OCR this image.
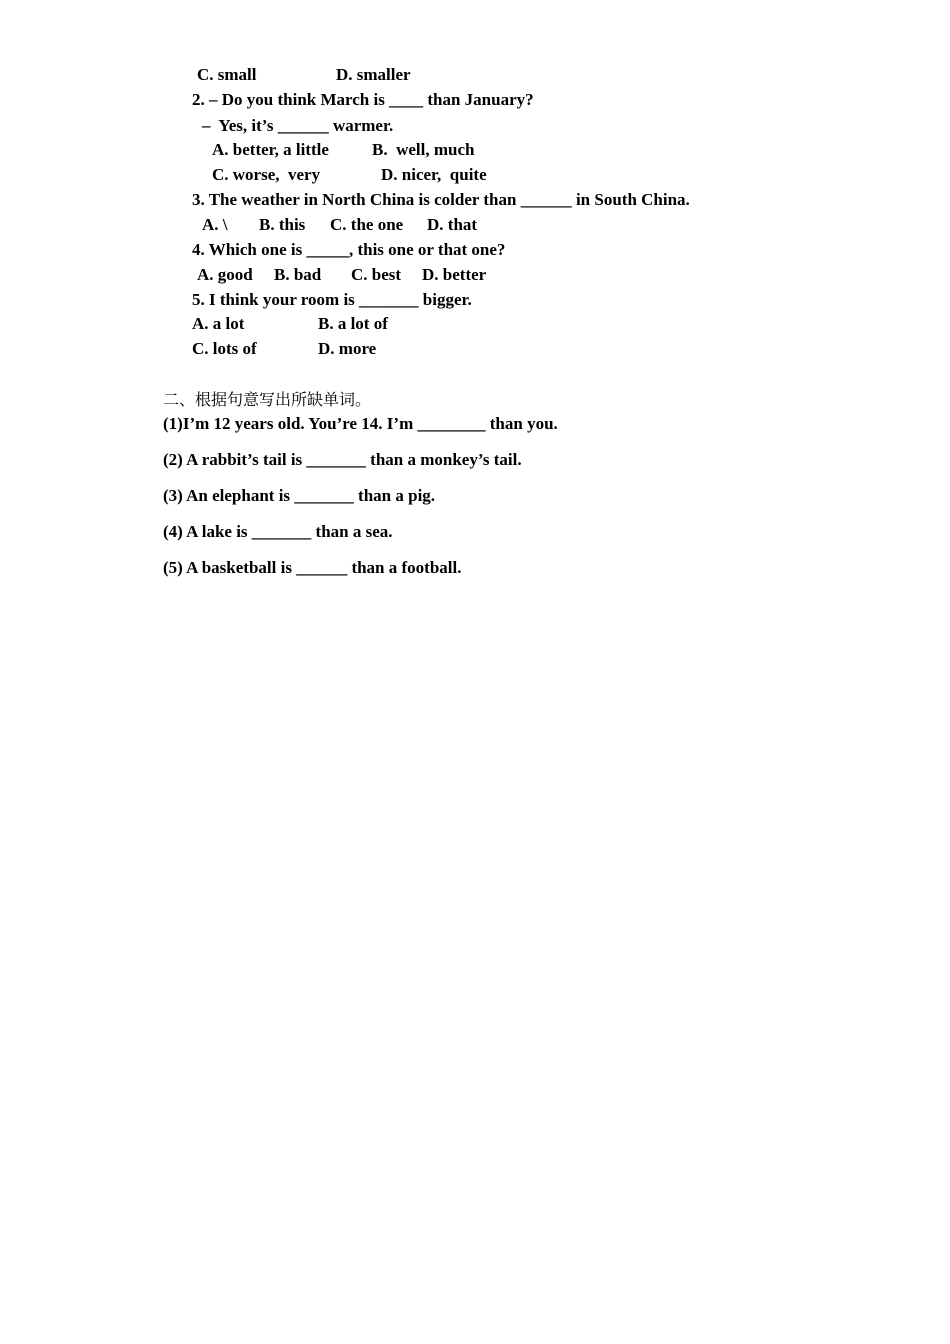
C. small	D. smaller
2. – Do you think March is ____ than January?
–  Yes, it’s ______ warmer.
A. better, a little	B.  well, much
C. worse,  very	D. nicer,  quite
3. The weather in North China is colder than ______ in South China.
A. \ B. this C. the one D. that
4. Which one is _____, this one or that one?
A. good B. bad C. best D. better
5. I think your room is _______ bigger.
A. a lot	B. a lot of
C. lots of	D. more
二、根据句意写出所缺单词。
(1)I’m 12 years old. You’re 14. I’m ________ than you.
(2) A rabbit’s tail is _______ than a monkey’s tail.
(3) An elephant is _______ than a pig.
(4) A lake is _______ than a sea.
(5) A basketball is ______ than a football.
